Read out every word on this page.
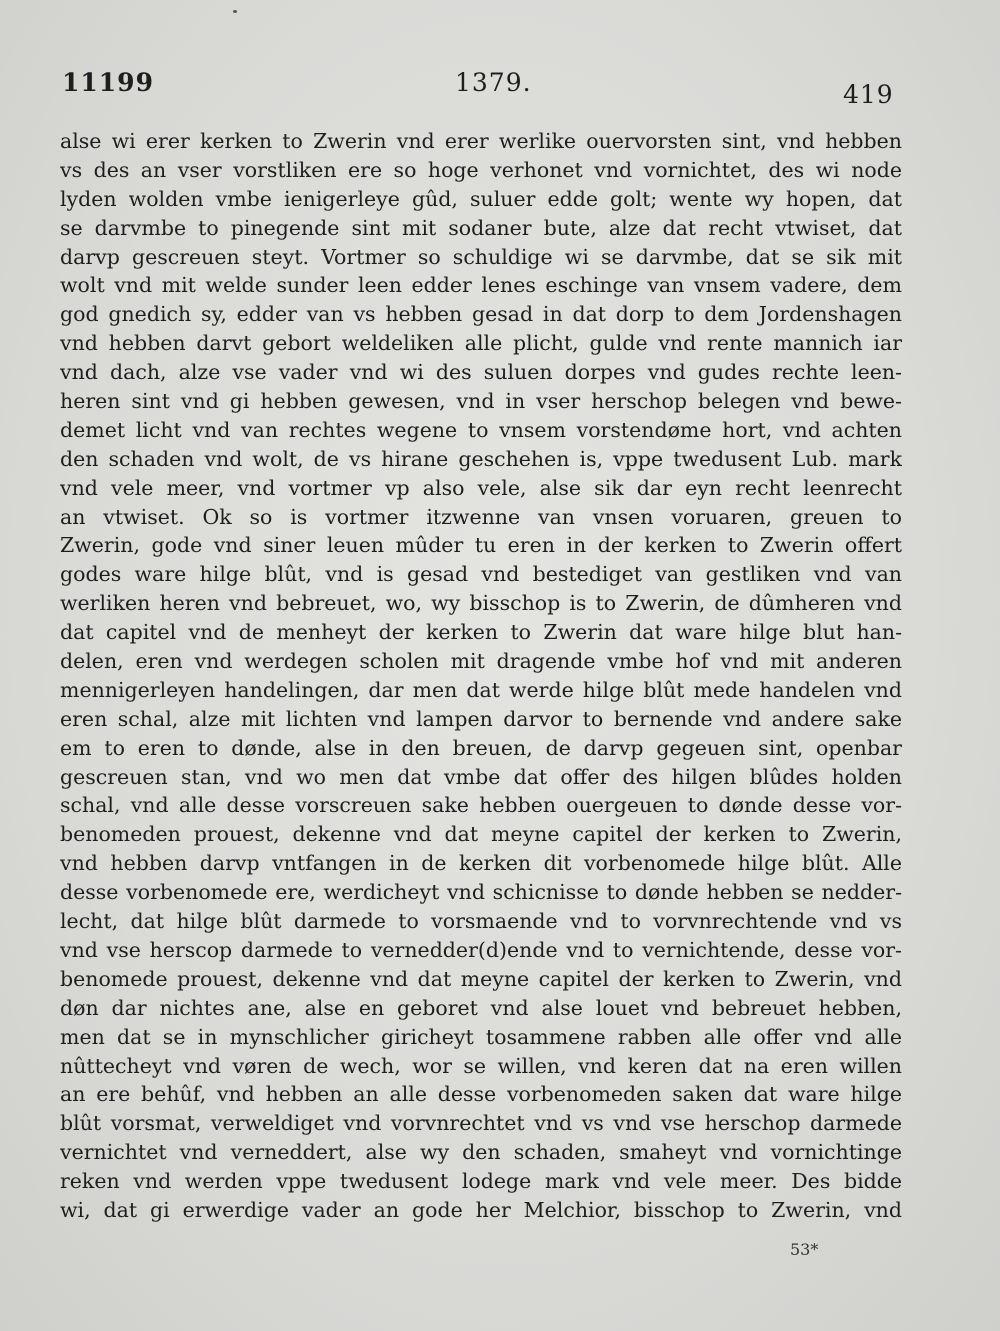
11199	1379.	419
alse wi erer kerken to Zwerin vnd erer werlike ouervorsten sint, vnd hebben
vs des an vser vorstliken ere so hoge verhonet vnd vornichtet, des wi node
lyden wolden vmbe ienigerleye gûd, suluer edde golt; wente wy hopen, dat
se darvmbe to pinegende sint mit sodaner bute, alze dat recht vtwiset, dat
darvp gescreuen steyt. Vortmer so schuldige wi se darvmbe, dat se sik mit
wolt vnd mit welde sunder leen edder lenes eschinge van vnsem vadere, dem
god gnedich sy, edder van vs hebben gesad in dat dorp to dem Jordenshagen
vnd hebben darvt gebort weldeliken alle plicht, gulde vnd rente mannich iar
vnd dach, alze vse vader vnd wi des suluen dorpes vnd gudes rechte leen-
heren sint vnd gi hebben gewesen, vnd in vser herschop belegen vnd bewe-
demet licht vnd van rechtes wegene to vnsem vorstendøme hort, vnd achten
den schaden vnd wolt, de vs hirane geschehen is, vppe twedusent Lub. mark
vnd vele meer, vnd vortmer vp also vele, alse sik dar eyn recht leenrecht
an vtwiset. Ok so is vortmer itzwenne van vnsen voruaren, greuen to
Zwerin, gode vnd siner leuen mûder tu eren in der kerken to Zwerin offert
godes ware hilge blût, vnd is gesad vnd bestediget van gestliken vnd van
werliken heren vnd bebreuet, wo, wy bisschop is to Zwerin, de dûmheren vnd
dat capitel vnd de menheyt der kerken to Zwerin dat ware hilge blut han-
delen, eren vnd werdegen scholen mit dragende vmbe hof vnd mit anderen
mennigerleyen handelingen, dar men dat werde hilge blût mede handelen vnd
eren schal, alze mit lichten vnd lampen darvor to bernende vnd andere sake
em to eren to dønde, alse in den breuen, de darvp gegeuen sint, openbar
gescreuen stan, vnd wo men dat vmbe dat offer des hilgen blûdes holden
schal, vnd alle desse vorscreuen sake hebben ouergeuen to dønde desse vor-
benomeden prouest, dekenne vnd dat meyne capitel der kerken to Zwerin,
vnd hebben darvp vntfangen in de kerken dit vorbenomede hilge blût. Alle
desse vorbenomede ere, werdicheyt vnd schicnisse to dønde hebben se nedder-
lecht, dat hilge blût darmede to vorsmaende vnd to vorvnrechtende vnd vs
vnd vse herscop darmede to vernedder(d)ende vnd to vernichtende, desse vor-
benomede prouest, dekenne vnd dat meyne capitel der kerken to Zwerin, vnd
døn dar nichtes ane, alse en geboret vnd alse louet vnd bebreuet hebben,
men dat se in mynschlicher giricheyt tosammene rabben alle offer vnd alle
nûttecheyt vnd vøren de wech, wor se willen, vnd keren dat na eren willen
an ere behûf, vnd hebben an alle desse vorbenomeden saken dat ware hilge
blût vorsmat, verweldiget vnd vorvnrechtet vnd vs vnd vse herschop darmede
vernichtet vnd verneddert, alse wy den schaden, smaheyt vnd vornichtinge
reken vnd werden vppe twedusent lodege mark vnd vele meer. Des bidde
wi, dat gi erwerdige vader an gode her Melchior, bisschop to Zwerin, vnd
53*
